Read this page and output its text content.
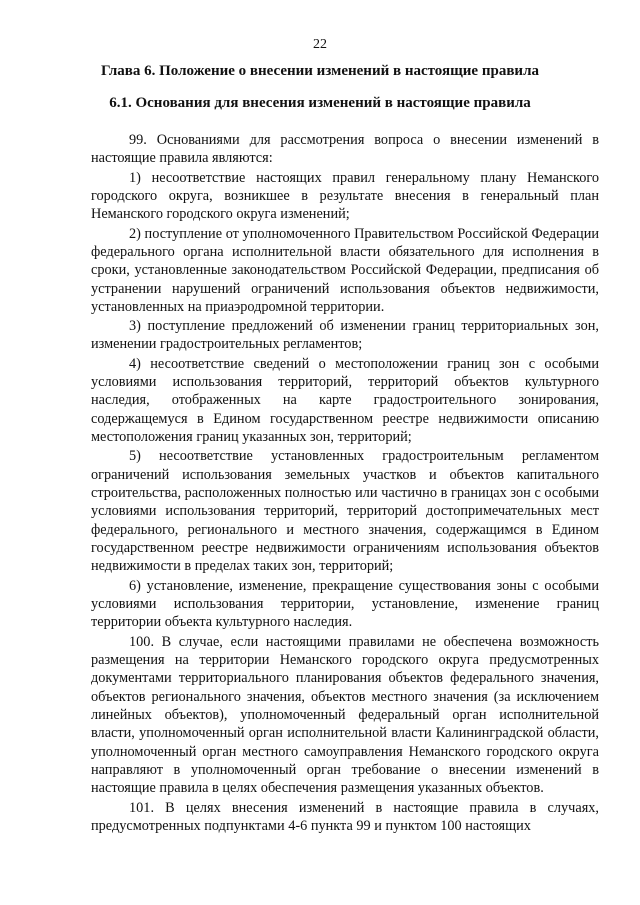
22
Глава 6. Положение о внесении изменений в настоящие правила
6.1. Основания для внесения изменений в настоящие правила

99. Основаниями для рассмотрения вопроса о внесении изменений в настоящие правила являются:

1) несоответствие настоящих правил генеральному плану Неманского городского округа, возникшее в результате внесения в генеральный план Неманского городского округа изменений;

2) поступление от уполномоченного Правительством Российской Федерации федерального органа исполнительной власти обязательного для исполнения в сроки, установленные законодательством Российской Федерации, предписания об устранении нарушений ограничений использования объектов недвижимости, установленных на приаэродромной территории.

3) поступление предложений об изменении границ территориальных зон, изменении градостроительных регламентов;

4) несоответствие сведений о местоположении границ зон с особыми условиями использования территорий, территорий объектов культурного наследия, отображенных на карте градостроительного зонирования, содержащемуся в Едином государственном реестре недвижимости описанию местоположения границ указанных зон, территорий;

5) несоответствие установленных градостроительным регламентом ограничений использования земельных участков и объектов капитального строительства, расположенных полностью или частично в границах зон с особыми условиями использования территорий, территорий достопримечательных мест федерального, регионального и местного значения, содержащимся в Едином государственном реестре недвижимости ограничениям использования объектов недвижимости в пределах таких зон, территорий;

6) установление, изменение, прекращение существования зоны с особыми условиями использования территории, установление, изменение границ территории объекта культурного наследия.

100. В случае, если настоящими правилами не обеспечена возможность размещения на территории Неманского городского округа предусмотренных документами территориального планирования объектов федерального значения, объектов регионального значения, объектов местного значения (за исключением линейных объектов), уполномоченный федеральный орган исполнительной власти, уполномоченный орган исполнительной власти Калининградской области, уполномоченный орган местного самоуправления Неманского городского округа направляют в уполномоченный орган требование о внесении изменений в настоящие правила в целях обеспечения размещения указанных объектов.

101. В целях внесения изменений в настоящие правила в случаях, предусмотренных подпунктами 4-6 пункта 99 и пунктом 100 настоящих
